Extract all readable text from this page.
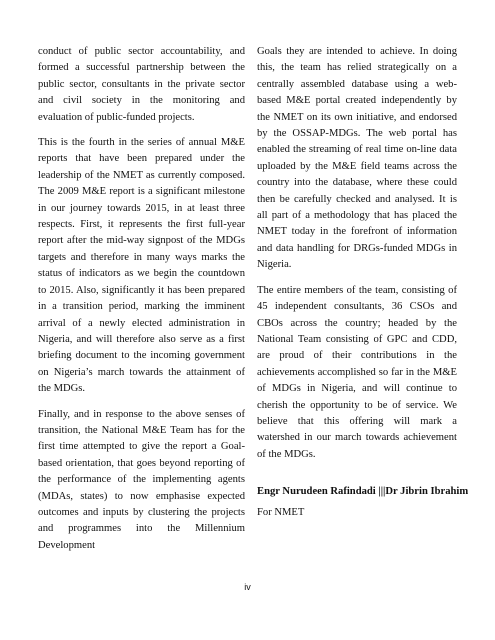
conduct of public sector accountability, and formed a successful partnership between the public sector, consultants in the private sector and civil society in the monitoring and evaluation of public-funded projects.

This is the fourth in the series of annual M&E reports that have been prepared under the leadership of the NMET as currently composed. The 2009 M&E report is a significant milestone in our journey towards 2015, in at least three respects. First, it represents the first full-year report after the mid-way signpost of the MDGs targets and therefore in many ways marks the status of indicators as we begin the countdown to 2015. Also, significantly it has been prepared in a transition period, marking the imminent arrival of a newly elected administration in Nigeria, and will therefore also serve as a first briefing document to the incoming government on Nigeria’s march towards the attainment of the MDGs.

Finally, and in response to the above senses of transition, the National M&E Team has for the first time attempted to give the report a Goal-based orientation, that goes beyond reporting of the performance of the implementing agents (MDAs, states) to now emphasise expected outcomes and inputs by clustering the projects and programmes into the Millennium Development

Goals they are intended to achieve. In doing this, the team has relied strategically on a centrally assembled database using a web-based M&E portal created independently by the NMET on its own initiative, and endorsed by the OSSAP-MDGs. The web portal has enabled the streaming of real time on-line data uploaded by the M&E field teams across the country into the database, where these could then be carefully checked and analysed. It is all part of a methodology that has placed the NMET today in the forefront of information and data handling for DRGs-funded MDGs in Nigeria.

The entire members of the team, consisting of 45 independent consultants, 36 CSOs and CBOs across the country; headed by the National Team consisting of GPC and CDD, are proud of their contributions in the achievements accomplished so far in the M&E of MDGs in Nigeria, and will continue to cherish the opportunity to be of service. We believe that this offering will mark a watershed in our march towards achievement of the MDGs.

Engr Nurudeen Rafindadi |||Dr Jibrin Ibrahim

For NMET

iv
